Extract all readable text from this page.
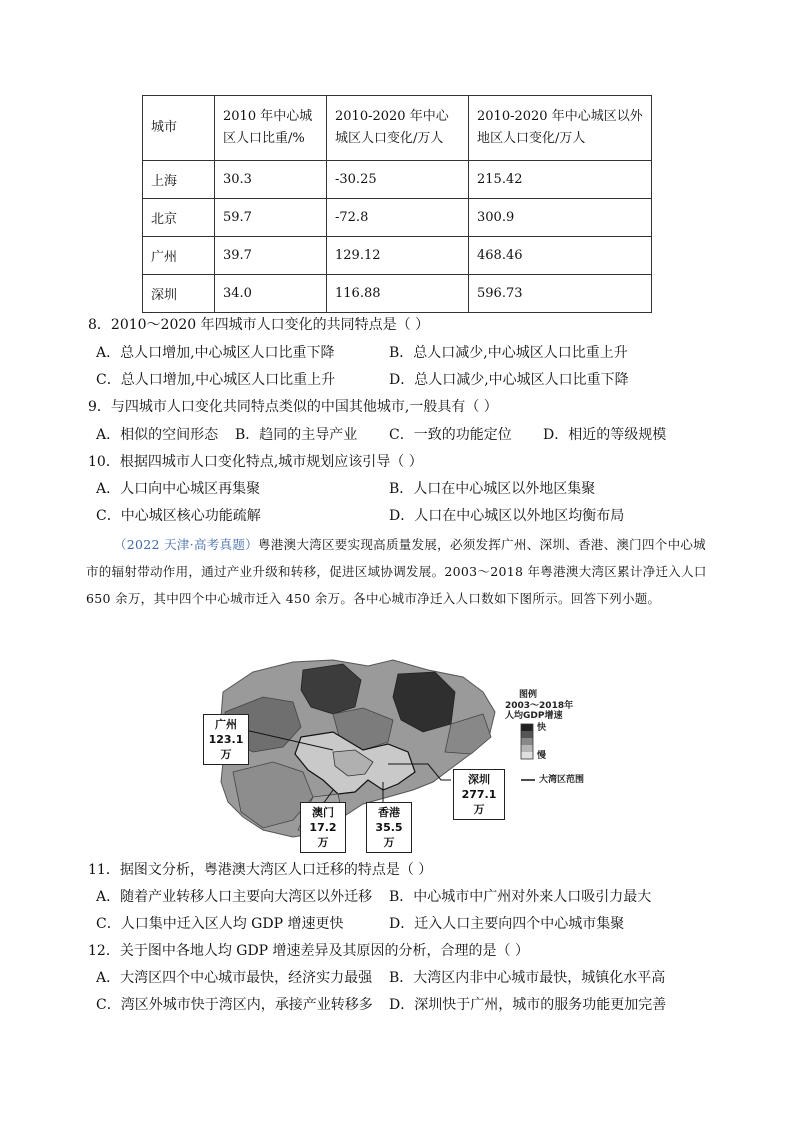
城市	2010 年中心城区人口比重/%	2010-2020 年中心城区人口变化/万人	2010-2020 年中心城区以外地区人口变化/万人
上海	30.3	-30.25	215.42
北京	59.7	-72.8	300.9
广州	39.7	129.12	468.46
深圳	34.0	116.88	596.73
8．2010～2020 年四城市人口变化的共同特点是（ ）
A．总人口增加,中心城区人口比重下降	B．总人口减少,中心城区人口比重上升
C．总人口增加,中心城区人口比重上升	D．总人口减少,中心城区人口比重下降
9．与四城市人口变化共同特点类似的中国其他城市,一般具有（ ）
A．相似的空间形态 B．趋同的主导产业 C．一致的功能定位 D．相近的等级规模
10．根据四城市人口变化特点,城市规划应该引导（ ）
A．人口向中心城区再集聚	B．人口在中心城区以外地区集聚
C．中心城区核心功能疏解	D．人口在中心城区以外地区均衡布局
（2022 天津·高考真题）粤港澳大湾区要实现高质量发展，必须发挥广州、深圳、香港、澳门四个中心城市的辐射带动作用，通过产业升级和转移，促进区域协调发展。2003～2018 年粤港澳大湾区累计净迁入人口 650 余万，其中四个中心城市迁入 450 余万。各中心城市净迁入人口数如下图所示。回答下列小题。
广州
123.1万
深圳
277.1万
澳门
17.2万
香港
35.5万
图例
2003～2018年
人均GDP增速
快
慢
大湾区范围
11．据图文分析，粤港澳大湾区人口迁移的特点是（ ）
A．随着产业转移人口主要向大湾区以外迁移 B．中心城市中广州对外来人口吸引力最大
C．人口集中迁入区人均 GDP 增速更快	D．迁入人口主要向四个中心城市集聚
12．关于图中各地人均 GDP 增速差异及其原因的分析，合理的是（ ）
A．大湾区四个中心城市最快，经济实力最强 B．大湾区内非中心城市最快，城镇化水平高
C．湾区外城市快于湾区内，承接产业转移多 D．深圳快于广州，城市的服务功能更加完善
